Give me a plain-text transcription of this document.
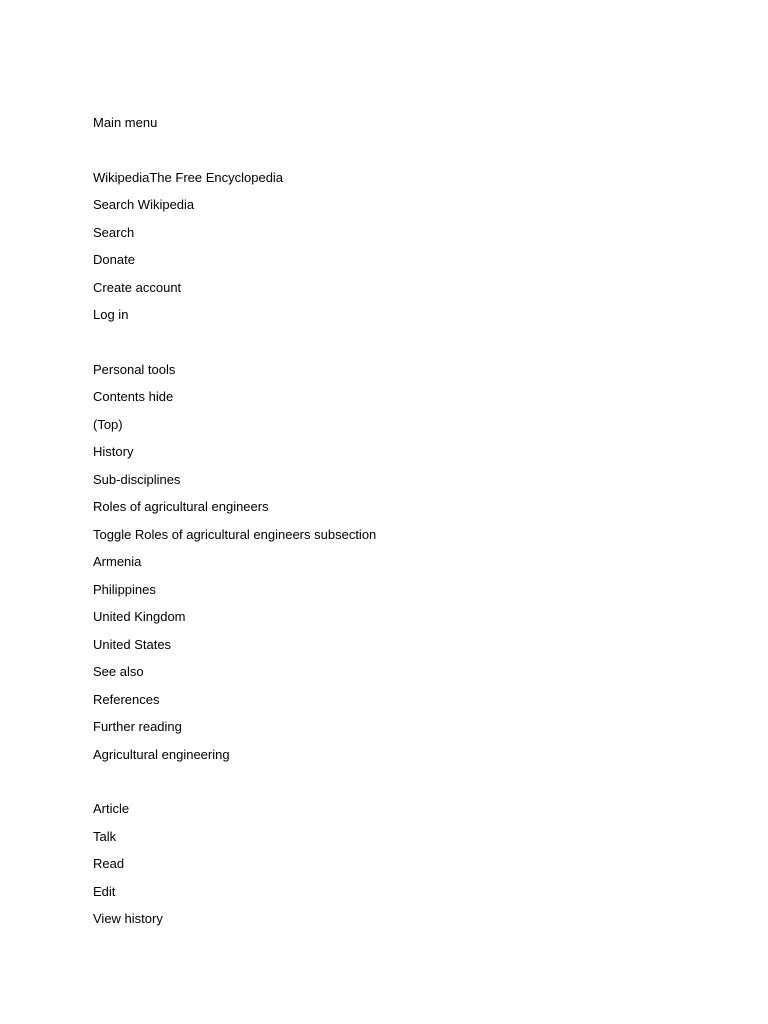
Main menu
WikipediaThe Free Encyclopedia
Search Wikipedia
Search
Donate
Create account
Log in
Personal tools
Contents hide
(Top)
History
Sub-disciplines
Roles of agricultural engineers
Toggle Roles of agricultural engineers subsection
Armenia
Philippines
United Kingdom
United States
See also
References
Further reading
Agricultural engineering
Article
Talk
Read
Edit
View history
